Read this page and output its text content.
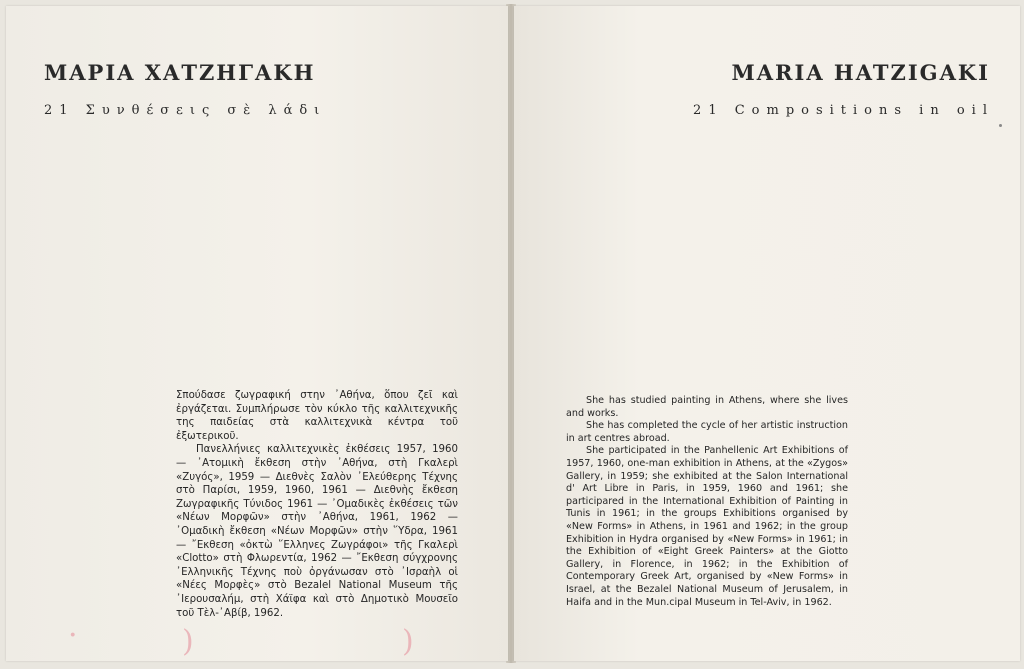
ΜΑΡΙΑ ΧΑΤΖΗΓΑΚΗ
21 Συνθέσεις σὲ λάδι

Σπούδασε ζωγραφική στην ᾿Αθήνα, ὅπου ζεῖ καὶ ἐργάζεται. Συμπλήρωσε τὸν κύκλο τῆς καλλιτεχνικῆς της παιδείας στὰ καλλιτεχνικὰ κέντρα τοῦ ἐξωτερικοῦ.

Πανελλήνιες καλλιτεχνικὲς ἐκθέσεις 1957, 1960 — ᾿Ατομικὴ ἔκθεση στὴν ᾿Αθήνα, στὴ Γκαλερὶ «Ζυγός», 1959 — Διεθνὲς Σαλὸν ᾿Ελεύθερης Τέχνης στὸ Παρίσι, 1959, 1960, 1961 — Διεθνὴς ἔκθεση Ζωγραφικῆς Τύνιδος 1961 — ᾿Ομαδικὲς ἐκθέσεις τῶν «Νέων Μορφῶν» στὴν ᾿Αθήνα, 1961, 1962 — ᾿Ομαδικὴ ἔκθεση «Νέων Μορφῶν» στὴν ῞Υδρα, 1961 — ῎Εκθεση «ὀκτὼ ῞Ελληνες Ζωγράφοι» τῆς Γκαλερὶ «Clotto» στὴ Φλωρεντία, 1962 — ῎Εκθεση σύγχρονης ᾿Ελληνικῆς Τέχνης ποὺ ὀργάνωσαν στὸ ᾿Ισραὴλ οἱ «Νέες Μορφὲς» στὸ Bezalel National Museum τῆς ᾿Ιερουσαλήμ, στὴ Χάϊφα καὶ στὸ Δημοτικὸ Μουσεῖο τοῦ Τὲλ-᾿Αβίβ, 1962.

·	)	)
MARIA HATZIGAKI
21 Compositions in oil

She has studied painting in Athens, where she lives and works.

She has completed the cycle of her artistic instruction in art centres abroad.

She participated in the Panhellenic Art Exhibitions of 1957, 1960, one-man exhibition in Athens, at the «Zygos» Gallery, in 1959; she exhibited at the Salon International d' Art Libre in Paris, in 1959, 1960 and 1961; she participared in the International Exhibition of Painting in Tunis in 1961; in the groups Exhibitions organised by «New Forms» in Athens, in 1961 and 1962; in the group Exhibition in Hydra organised by «New Forms» in 1961; in the Exhibition of «Eight Greek Painters» at the Giotto Gallery, in Florence, in 1962; in the Exhibition of Contemporary Greek Art, organised by «New Forms» in Israel, at the Bezalel National Museum of Jerusalem, in Haifa and in the Mun.cipal Museum in Tel-Aviv, in 1962.
